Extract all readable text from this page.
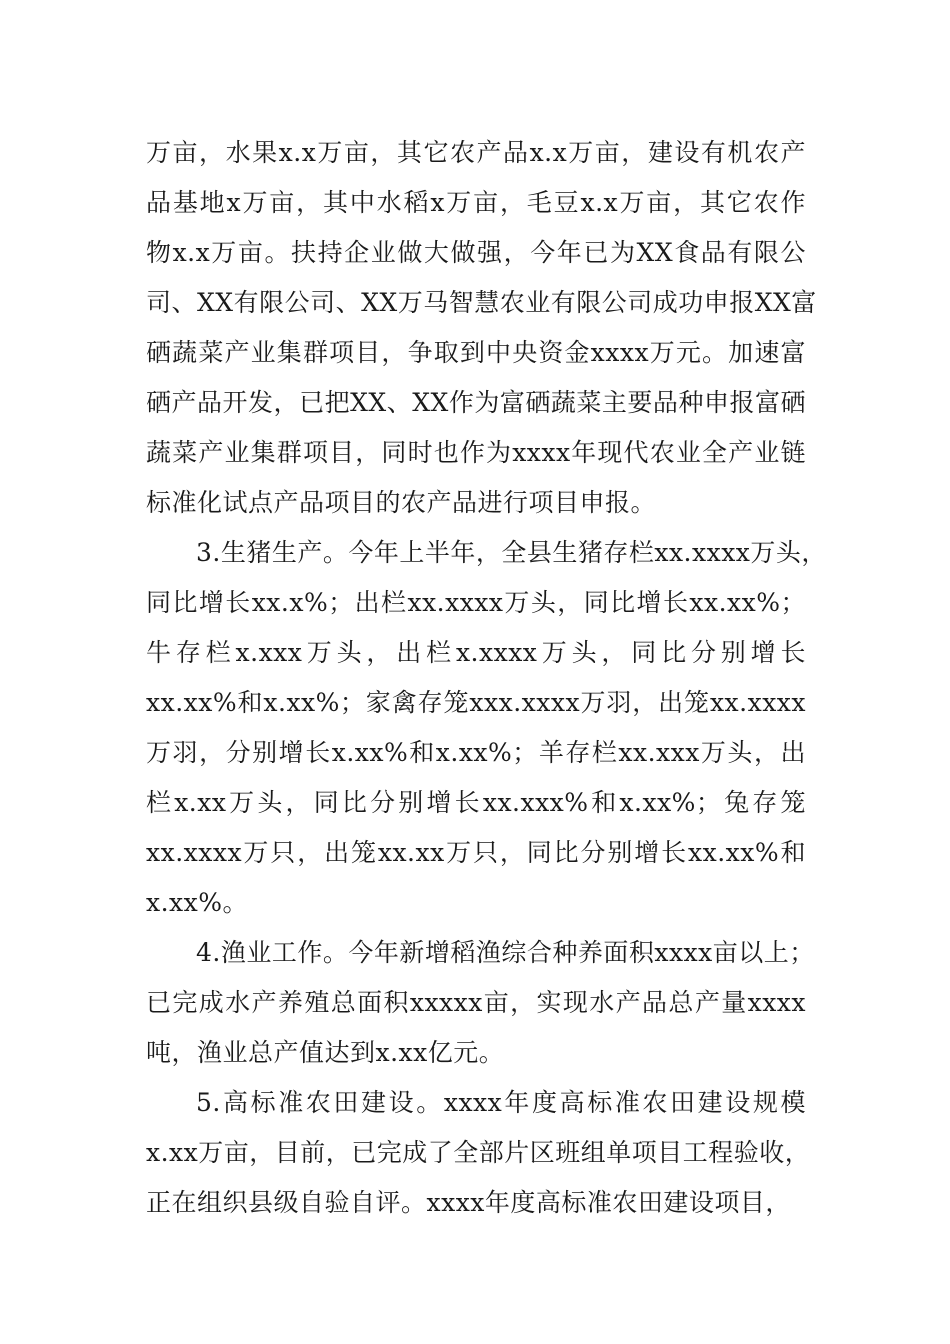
万亩，水果x.x万亩，其它农产品x.x万亩，建设有机农产
品基地x万亩，其中水稻x万亩，毛豆x.x万亩，其它农作
物x.x万亩。扶持企业做大做强，今年已为XX食品有限公
司、XX有限公司、XX万马智慧农业有限公司成功申报XX富
硒蔬菜产业集群项目，争取到中央资金xxxx万元。加速富
硒产品开发，已把XX、XX作为富硒蔬菜主要品种申报富硒
蔬菜产业集群项目，同时也作为xxxx年现代农业全产业链
标准化试点产品项目的农产品进行项目申报。
3.生猪生产。今年上半年，全县生猪存栏xx.xxxx万头，
同比增长xx.x%；出栏xx.xxxx万头，同比增长xx.xx%；
牛存栏x.xxx万头，出栏x.xxxx万头，同比分别增长
xx.xx%和x.xx%；家禽存笼xxx.xxxx万羽，出笼xx.xxxx
万羽，分别增长x.xx%和x.xx%；羊存栏xx.xxx万头，出
栏x.xx万头，同比分别增长xx.xxx%和x.xx%；兔存笼
xx.xxxx万只，出笼xx.xx万只，同比分别增长xx.xx%和
x.xx%。
4.渔业工作。今年新增稻渔综合种养面积xxxx亩以上；
已完成水产养殖总面积xxxxx亩，实现水产品总产量xxxx
吨，渔业总产值达到x.xx亿元。
5.高标准农田建设。xxxx年度高标准农田建设规模
x.xx万亩，目前，已完成了全部片区班组单项目工程验收，
正在组织县级自验自评。xxxx年度高标准农田建设项目，
